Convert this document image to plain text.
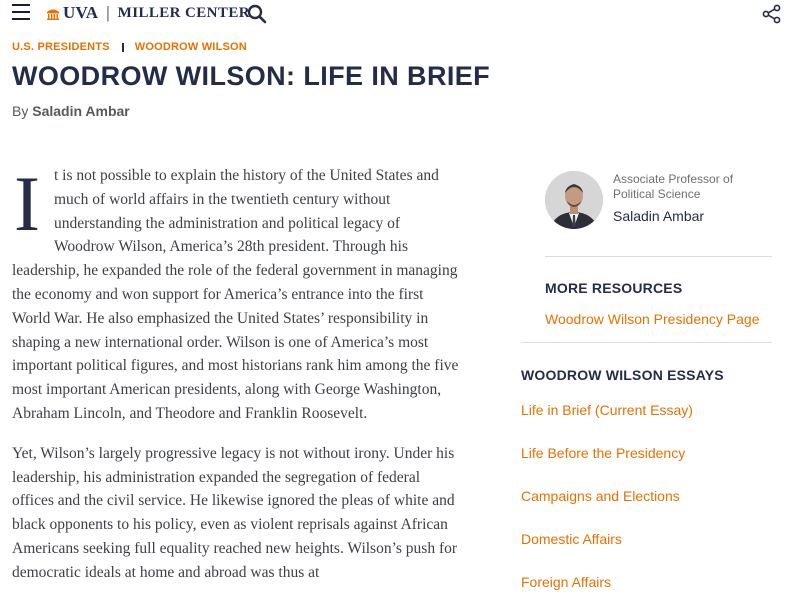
UVA | MILLER CENTER
U.S. PRESIDENTS WOODROW WILSON
WOODROW WILSON: LIFE IN BRIEF
By Saladin Ambar

It is not possible to explain the history of the United States and much of world affairs in the twentieth century without understanding the administration and political legacy of Woodrow Wilson, America’s 28th president. Through his leadership, he expanded the role of the federal government in managing the economy and won support for America’s entrance into the first World War. He also emphasized the United States’ responsibility in shaping a new international order. Wilson is one of America’s most important political figures, and most historians rank him among the five most important American presidents, along with George Washington, Abraham Lincoln, and Theodore and Franklin Roosevelt.

Yet, Wilson’s largely progressive legacy is not without irony. Under his leadership, his administration expanded the segregation of federal offices and the civil service. He likewise ignored the pleas of white and black opponents to his policy, even as violent reprisals against African Americans seeking full equality reached new heights. Wilson’s push for democratic ideals at home and abroad was thus at

Associate Professor of Political Science
Saladin Ambar
MORE RESOURCES
Woodrow Wilson Presidency Page
WOODROW WILSON ESSAYS
Life in Brief (Current Essay)
Life Before the Presidency
Campaigns and Elections
Domestic Affairs
Foreign Affairs
